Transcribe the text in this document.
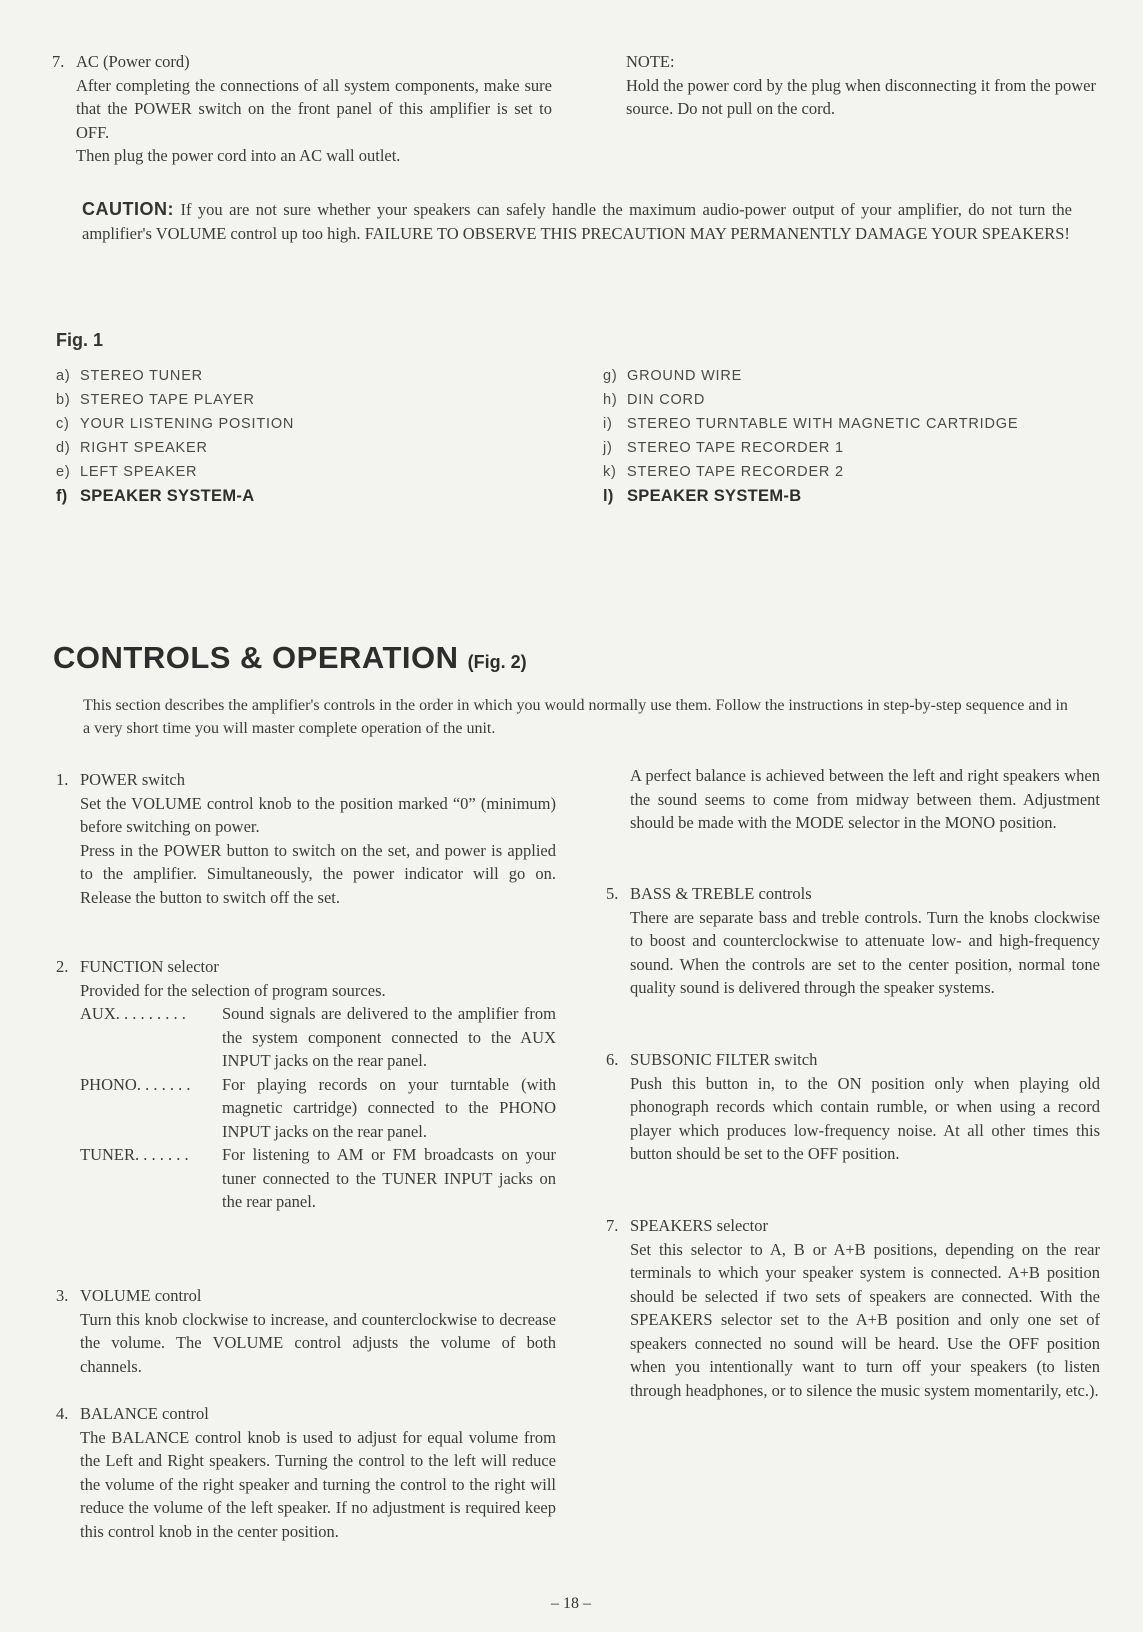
7. AC (Power cord)

After completing the connections of all system components, make sure that the POWER switch on the front panel of this amplifier is set to OFF.

Then plug the power cord into an AC wall outlet.

NOTE:

Hold the power cord by the plug when disconnecting it from the power source. Do not pull on the cord.

CAUTION: If you are not sure whether your speakers can safely handle the maximum audio-power output of your amplifier, do not turn the amplifier's VOLUME control up too high. FAILURE TO OBSERVE THIS PRECAUTION MAY PERMANENTLY DAMAGE YOUR SPEAKERS!
Fig. 1
a) STEREO TUNER
b) STEREO TAPE PLAYER
c) YOUR LISTENING POSITION
d) RIGHT SPEAKER
e) LEFT SPEAKER
f) SPEAKER SYSTEM-A
g) GROUND WIRE
h) DIN CORD
i) STEREO TURNTABLE WITH MAGNETIC CARTRIDGE
j) STEREO TAPE RECORDER 1
k) STEREO TAPE RECORDER 2
l) SPEAKER SYSTEM-B
CONTROLS & OPERATION (Fig. 2)

This section describes the amplifier's controls in the order in which you would normally use them. Follow the instructions in step-by-step sequence and in a very short time you will master complete operation of the unit.

1. POWER switch

Set the VOLUME control knob to the position marked “0” (minimum) before switching on power.

Press in the POWER button to switch on the set, and power is applied to the amplifier. Simultaneously, the power indicator will go on. Release the button to switch off the set.

2. FUNCTION selector

Provided for the selection of program sources.

AUX. . . . . . . . . Sound signals are delivered to the amplifier from the system component connected to the AUX INPUT jacks on the rear panel.

PHONO. . . . . . . For playing records on your turntable (with magnetic cartridge) connected to the PHONO INPUT jacks on the rear panel.

TUNER. . . . . . . For listening to AM or FM broadcasts on your tuner connected to the TUNER INPUT jacks on the rear panel.

3. VOLUME control

Turn this knob clockwise to increase, and counterclockwise to decrease the volume. The VOLUME control adjusts the volume of both channels.

4. BALANCE control

The BALANCE control knob is used to adjust for equal volume from the Left and Right speakers. Turning the control to the left will reduce the volume of the right speaker and turning the control to the right will reduce the volume of the left speaker. If no adjustment is required keep this control knob in the center position.

A perfect balance is achieved between the left and right speakers when the sound seems to come from midway between them. Adjustment should be made with the MODE selector in the MONO position.

5. BASS & TREBLE controls

There are separate bass and treble controls. Turn the knobs clockwise to boost and counterclockwise to attenuate low- and high-frequency sound. When the controls are set to the center position, normal tone quality sound is delivered through the speaker systems.

6. SUBSONIC FILTER switch

Push this button in, to the ON position only when playing old phonograph records which contain rumble, or when using a record player which produces low-frequency noise. At all other times this button should be set to the OFF position.

7. SPEAKERS selector

Set this selector to A, B or A+B positions, depending on the rear terminals to which your speaker system is connected. A+B position should be selected if two sets of speakers are connected. With the SPEAKERS selector set to the A+B position and only one set of speakers connected no sound will be heard. Use the OFF position when you intentionally want to turn off your speakers (to listen through headphones, or to silence the music system momentarily, etc.).

– 18 –
